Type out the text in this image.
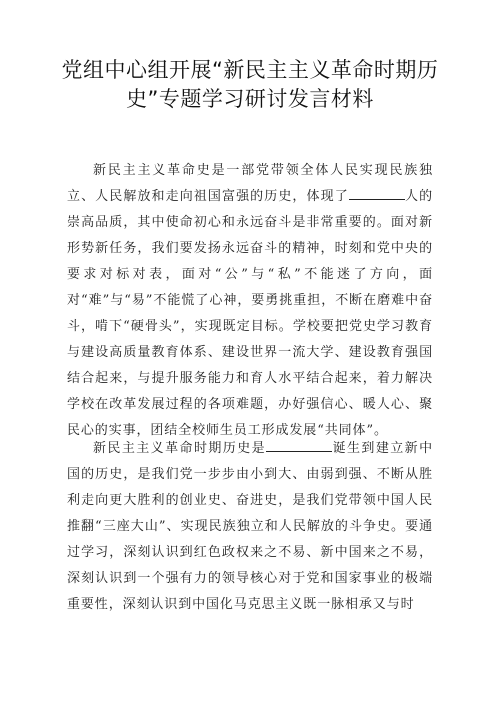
党组中心组开展“新民主主义革命时期历史”专题学习研讨发言材料

新民主主义革命史是一部党带领全体人民实现民族独立、人民解放和走向祖国富强的历史，体现了	人的崇高品质，其中使命初心和永远奋斗是非常重要的。面对新形势新任务，我们要发扬永远奋斗的精神，时刻和党中央的要求对标对表，面对“公”与“私”不能迷了方向，面对“难”与“易”不能慌了心神，要勇挑重担，不断在磨难中奋斗，啃下“硬骨头”，实现既定目标。学校要把党史学习教育与建设高质量教育体系、建设世界一流大学、建设教育强国结合起来，与提升服务能力和育人水平结合起来，着力解决学校在改革发展过程的各项难题，办好强信心、暖人心、聚民心的实事，团结全校师生员工形成发展“共同体”。

新民主主义革命时期历史是	诞生到建立新中国的历史，是我们党一步步由小到大、由弱到强、不断从胜利走向更大胜利的创业史、奋进史，是我们党带领中国人民推翻“三座大山”、实现民族独立和人民解放的斗争史。要通过学习，深刻认识到红色政权来之不易、新中国来之不易，深刻认识到一个强有力的领导核心对于党和国家事业的极端重要性，深刻认识到中国化马克思主义既一脉相承又与时
